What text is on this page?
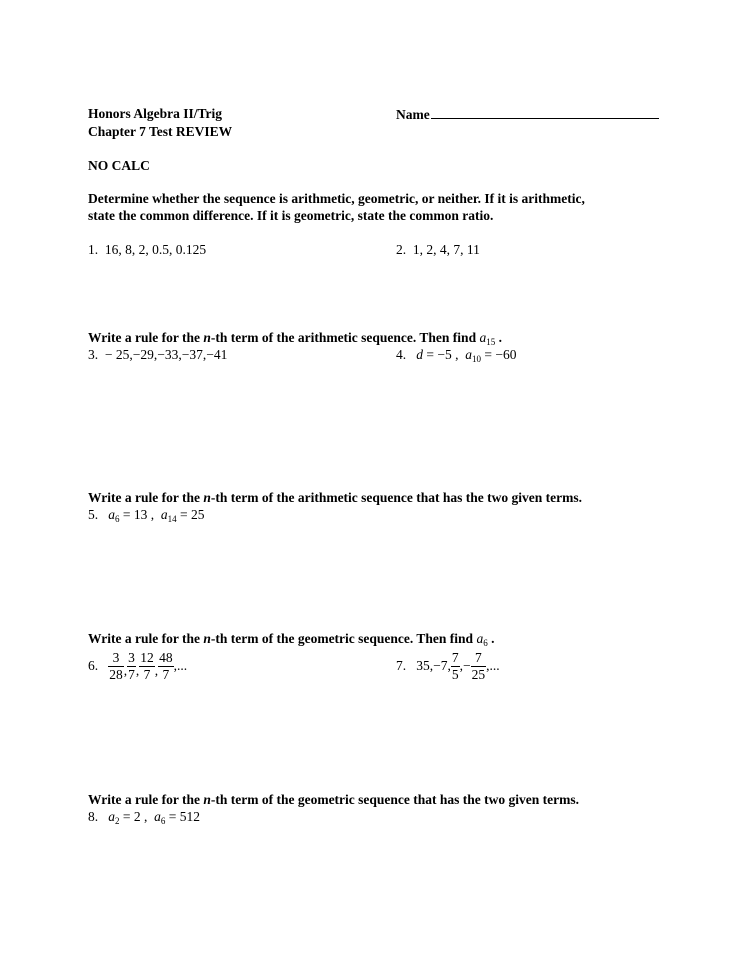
Honors Algebra II/Trig
Chapter 7 Test REVIEW
Name
NO CALC
Determine whether the sequence is arithmetic, geometric, or neither. If it is arithmetic,
state the common difference. If it is geometric, state the common ratio.
1. 16, 8, 2, 0.5, 0.125	2. 1, 2, 4, 7, 11
Write a rule for the n-th term of the arithmetic sequence. Then find $a_{15}$ .
3. − 25,−29,−33,−37,−41	4. d = −5 , $a_{10} = -60$
Write a rule for the n-th term of the arithmetic sequence that has the two given terms.
5. $a_6 = 13$ , $a_{14} = 25$
Write a rule for the n-th term of the geometric sequence. Then find $a_6$ .
6. $\frac{3}{28}$ , $\frac{3}{7}$ , $\frac{12}{7}$ , $\frac{48}{7}$ ,...	7. 35,−7, $\frac{7}{5}$ ,− $\frac{7}{25}$ ,...
Write a rule for the n-th term of the geometric sequence that has the two given terms.
8. $a_2 = 2$ , $a_6 = 512$
